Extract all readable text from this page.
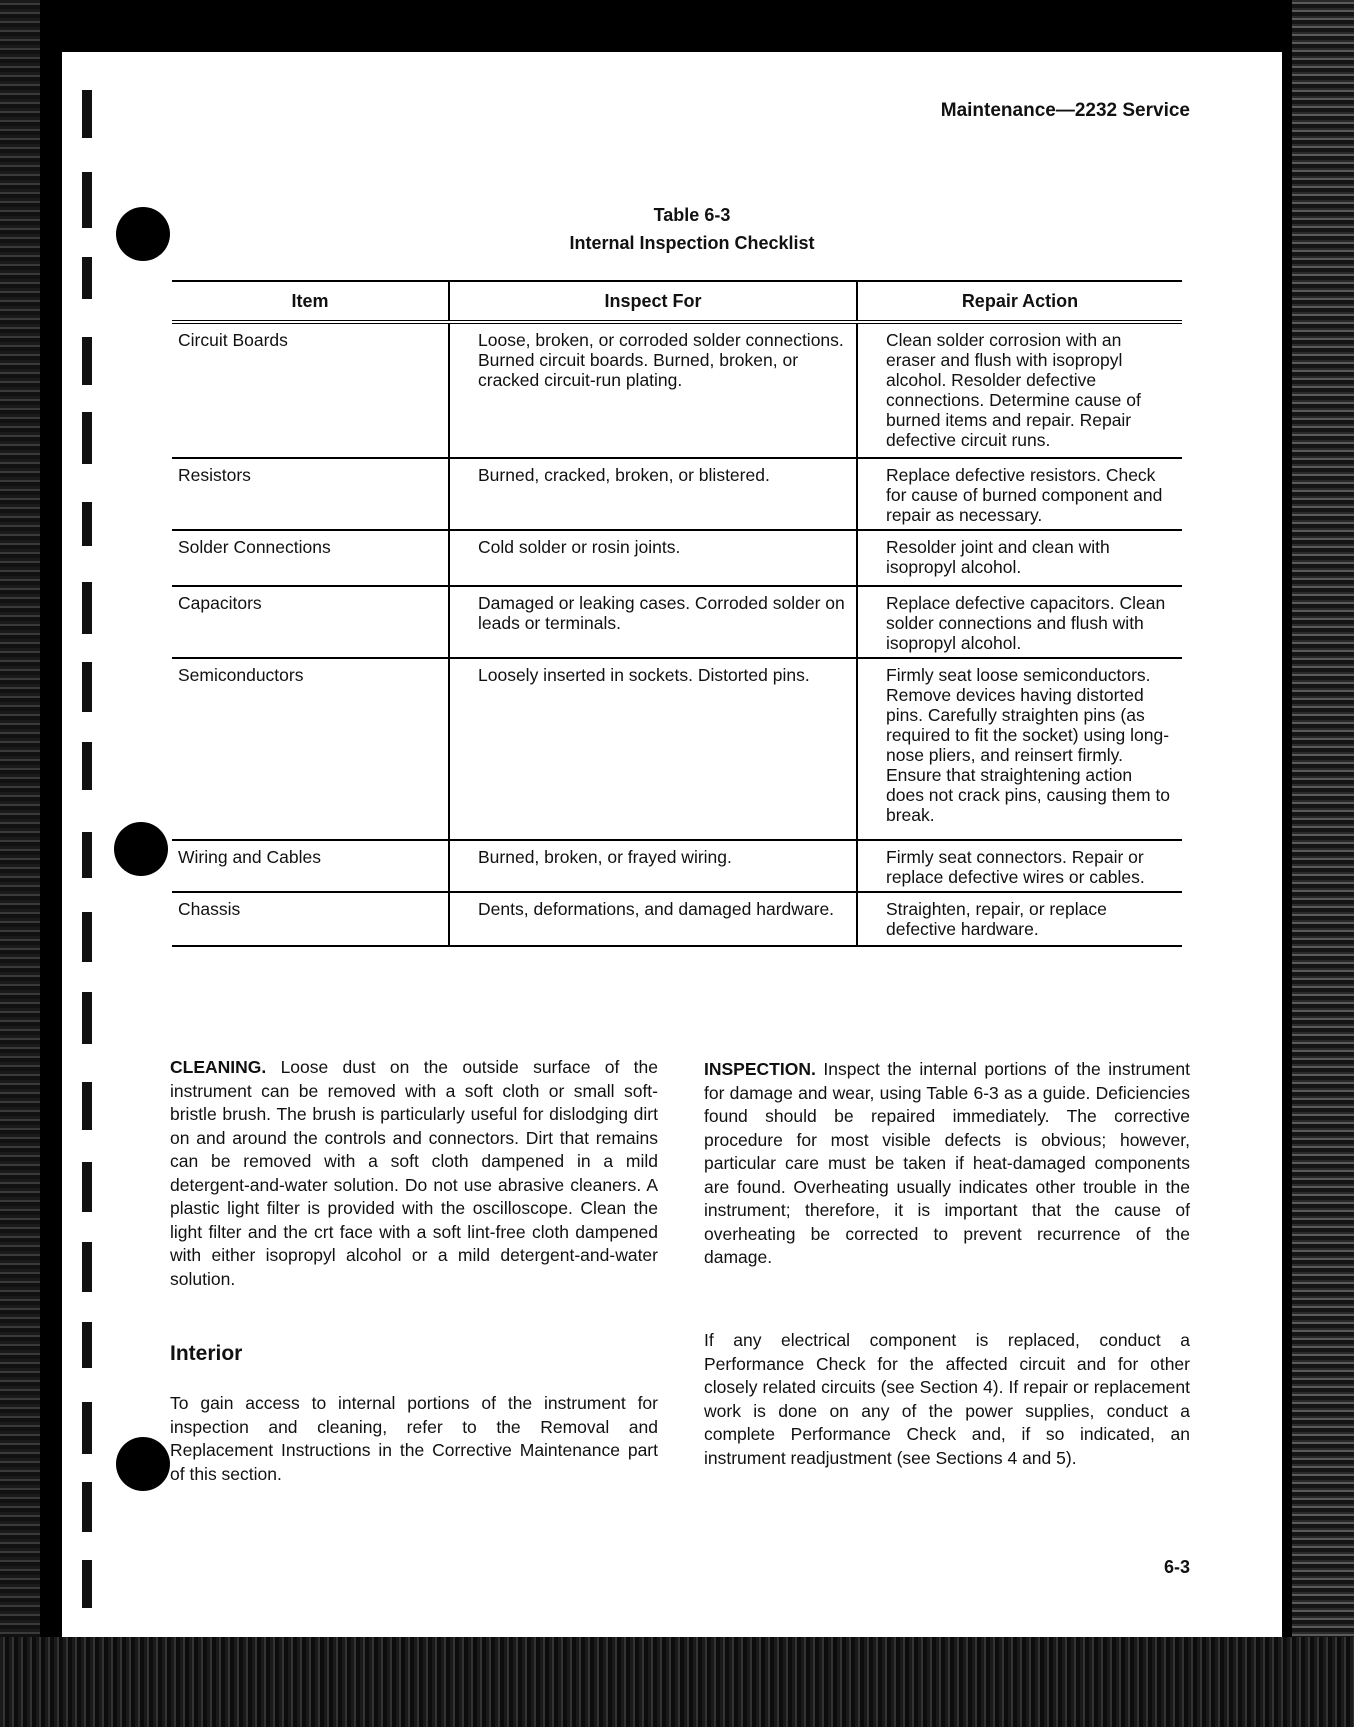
Maintenance—2232 Service
Table 6-3
Internal Inspection Checklist
Item	Inspect For	Repair Action
Circuit Boards	Loose, broken, or corroded solder connections. Burned circuit boards. Burned, broken, or cracked circuit-run plating.	Clean solder corrosion with an eraser and flush with isopropyl alcohol. Resolder defective connections. Determine cause of burned items and repair. Repair defective circuit runs.
Resistors	Burned, cracked, broken, or blistered.	Replace defective resistors. Check for cause of burned component and repair as necessary.
Solder Connections	Cold solder or rosin joints.	Resolder joint and clean with isopropyl alcohol.
Capacitors	Damaged or leaking cases. Corroded solder on leads or terminals.	Replace defective capacitors. Clean solder connections and flush with isopropyl alcohol.
Semiconductors	Loosely inserted in sockets. Distorted pins.	Firmly seat loose semiconductors. Remove devices having distorted pins. Carefully straighten pins (as required to fit the socket) using long-nose pliers, and reinsert firmly. Ensure that straightening action does not crack pins, causing them to break.
Wiring and Cables	Burned, broken, or frayed wiring.	Firmly seat connectors. Repair or replace defective wires or cables.
Chassis	Dents, deformations, and damaged hardware.	Straighten, repair, or replace defective hardware.
CLEANING. Loose dust on the outside surface of the instrument can be removed with a soft cloth or small soft-bristle brush. The brush is particularly useful for dislodging dirt on and around the controls and connectors. Dirt that remains can be removed with a soft cloth dampened in a mild detergent-and-water solution. Do not use abrasive cleaners. A plastic light filter is provided with the oscilloscope. Clean the light filter and the crt face with a soft lint-free cloth dampened with either isopropyl alcohol or a mild detergent-and-water solution.
Interior
To gain access to internal portions of the instrument for inspection and cleaning, refer to the Removal and Replacement Instructions in the Corrective Maintenance part of this section.
INSPECTION. Inspect the internal portions of the instrument for damage and wear, using Table 6-3 as a guide. Deficiencies found should be repaired immediately. The corrective procedure for most visible defects is obvious; however, particular care must be taken if heat-damaged components are found. Overheating usually indicates other trouble in the instrument; therefore, it is important that the cause of overheating be corrected to prevent recurrence of the damage.
If any electrical component is replaced, conduct a Performance Check for the affected circuit and for other closely related circuits (see Section 4). If repair or replacement work is done on any of the power supplies, conduct a complete Performance Check and, if so indicated, an instrument readjustment (see Sections 4 and 5).
6-3
